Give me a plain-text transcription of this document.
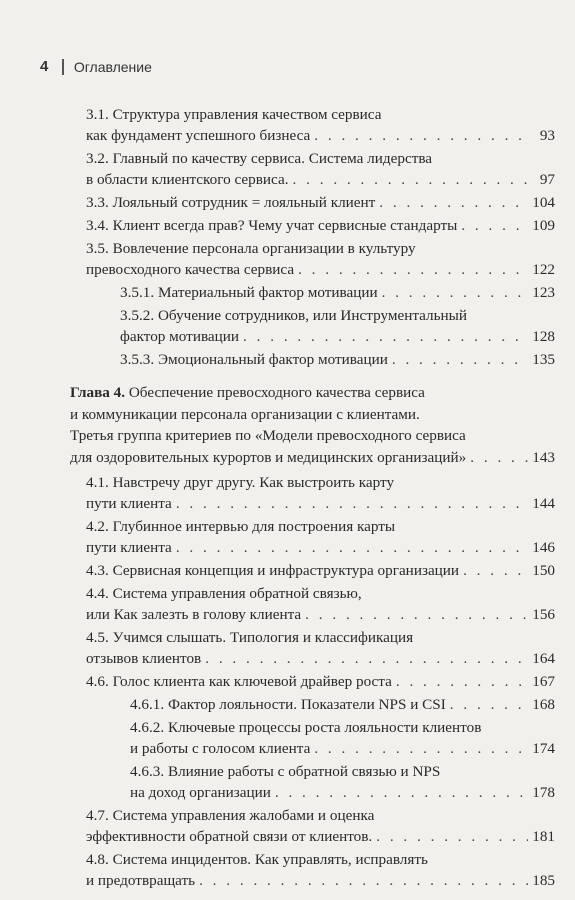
4 Оглавление
3.1. Структура управления качеством сервиса
как фундамент успешного бизнеса . . .	93
3.2. Главный по качеству сервиса. Система лидерства
в области клиентского сервиса. . . .	97
3.3. Лояльный сотрудник = лояльный клиент . . .	104
3.4. Клиент всегда прав? Чему учат сервисные стандарты . . .	109
3.5. Вовлечение персонала организации в культуру
превосходного качества сервиса . . .	122
3.5.1. Материальный фактор мотивации . . .	123
3.5.2. Обучение сотрудников, или Инструментальный
фактор мотивации . . .	128
3.5.3. Эмоциональный фактор мотивации . . .	135
Глава 4. Обеспечение превосходного качества сервиса
и коммуникации персонала организации с клиентами.
Третья группа критериев по «Модели превосходного сервиса
для оздоровительных курортов и медицинских организаций» . . .	143
4.1. Навстречу друг другу. Как выстроить карту
пути клиента . . .	144
4.2. Глубинное интервью для построения карты
пути клиента . . .	146
4.3. Сервисная концепция и инфраструктура организации . . .	150
4.4. Система управления обратной связью,
или Как залезть в голову клиента . . .	156
4.5. Учимся слышать. Типология и классификация
отзывов клиентов . . .	164
4.6. Голос клиента как ключевой драйвер роста . . .	167
4.6.1. Фактор лояльности. Показатели NPS и CSI . . .	168
4.6.2. Ключевые процессы роста лояльности клиентов
и работы с голосом клиента . . .	174
4.6.3. Влияние работы с обратной связью и NPS
на доход организации . . .	178
4.7. Система управления жалобами и оценка
эффективности обратной связи от клиентов. . . .	181
4.8. Система инцидентов. Как управлять, исправлять
и предотвращать . . .	185
